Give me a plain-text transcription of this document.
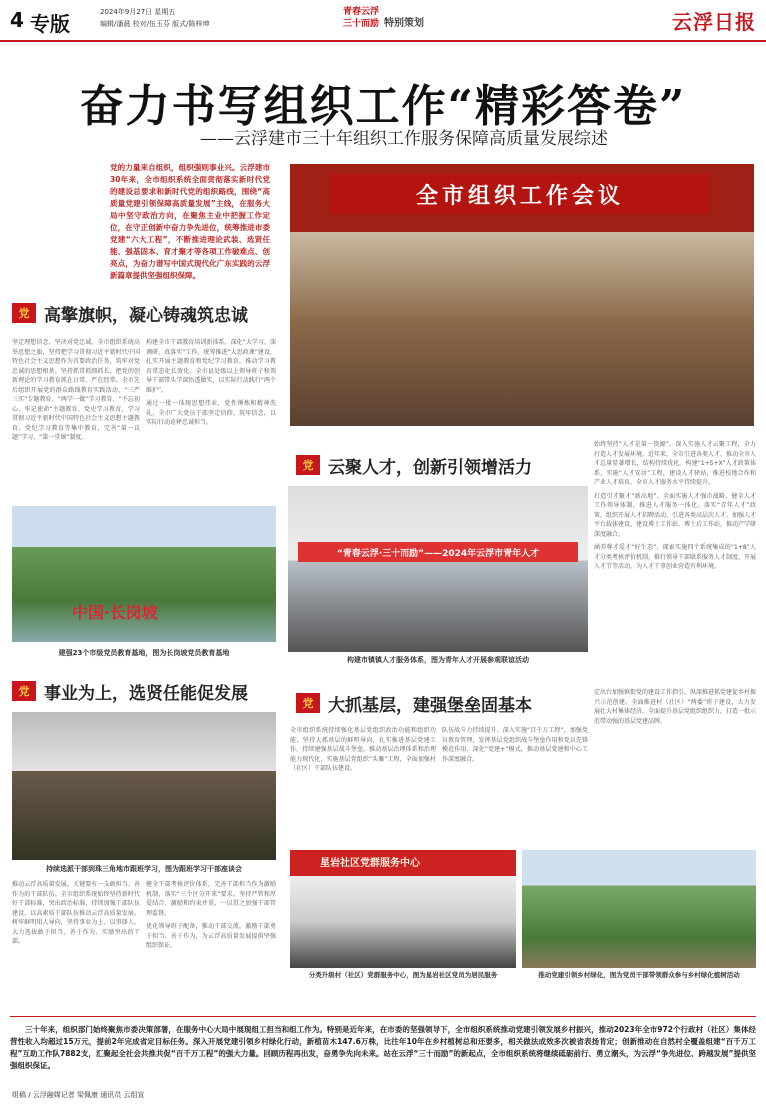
4 专版	2024年9月27日 星期五
编辑/潘晨 校对/伍玉芬 版式/陈梓坤
青春云浮
三十而励 特别策划	云浮日报
奋力书写组织工作“精彩答卷”
——云浮建市三十年组织工作服务保障高质量发展综述
党的力量来自组织，组织强则事业兴。云浮建市30年来，全市组织系统全面贯彻落实新时代党的建设总要求和新时代党的组织路线，围绕“高质量党建引领保障高质量发展”主线，在服务大局中坚守政治方向，在聚焦主业中把握工作定位，在守正创新中奋力争先进位，统筹推进市委党建“六大工程”，不断推进理论武装、选贤任能、强基固本、育才聚才等各项工作破难点、创亮点，为奋力谱写中国式现代化广东实践的云浮新篇章提供坚强组织保障。
全市组织工作会议
党 高擎旗帜，凝心铸魂筑忠诚
坚定理想信念，坚决对党忠诚。全市组织系统高举思想之旗，坚持把学习贯彻习近平新时代中国特色社会主义思想作为首要政治任务，筑牢对党忠诚的思想根基。坚持抓常抓细抓长，把党的创新理论的学习教育抓在日常、严在经常。全市先后组织开展党的群众路线教育实践活动、“三严三实”专题教育、“两学一做”学习教育、“不忘初心、牢记使命”主题教育、党史学习教育、学习贯彻习近平新时代中国特色社会主义思想主题教育，党纪学习教育等集中教育，完善“第一议题”学习、“第一堂课”制度。
构建全市干部教育培训新体系。深化“大学习、深调研、真落实”工作，统筹推进“大思政课”建设，扎实开展主题教育和党纪学习教育，推动学习教育常态化长效化。全市县处级以上领导班子和领导干部带头学深悟透做实，以实际行动践行“两个维护”。
通过一批一体现思想伟业，党性锤炼和精神洗礼，全市广大党员干部坚定信仰、筑牢信念，以实际行动诠释忠诚担当。
中国·长岗坡
建强23个市级党员教育基地，图为长岗坡党员教育基地
党 云聚人才，创新引领增活力
“青春云浮·三十而励”——2024年云浮市青年人才
构建市镇镇人才服务体系，图为青年人才开展参观联谊活动
始终坚持“人才是第一资源”。深入实施人才云聚工程，全力打造人才发展环境。近年来，全市引进各类人才，推动全市人才总量显著增长，结构持续优化。构建“1+5+X”人才政策体系，实施“人才安居”工程，建设人才驿站，推进校地合作和产业人才培育，全市人才服务水平持续提升。
打造引才聚才“新高地”。全面实施人才强市战略，健全人才工作领导体制，推进人才服务一体化。落实“青年人才”政策，组织开展人才招聘活动，引进各类高层次人才。加强人才平台载体建设，建设博士工作站、博士后工作站，推动产学研深度融合。
涵养尊才爱才“好生态”。探索实施四个系统集成的“1+8”人才分类考核评价机制，推行领导干部联系服务人才制度，开展人才节等活动，为人才干事创业营造有利环境。
党 事业为上，选贤任能促发展
持续选派干部到珠三角地市跟班学习，图为跟班学习干部座谈会
推动云浮高质量发展，关键要有一支敢担当、善作为的干部队伍。全市组织系统始终坚持新时代好干部标准，突出政治标准，持续加强干部队伍建设，以高素质干部队伍推动云浮高质量发展。树牢鲜明用人导向，坚持事业为上、以事择人，大力选拔敢于担当、善于作为、实绩突出的干部。
健全干部考核评价体系，完善干部担当作为激励机制，落实“三个区分开来”要求。坚持严管和厚爱结合、激励和约束并重，一以贯之加强干部管理监督。
优化领导班子配备，推动干部交流，激励干部勇于担当、善于作为，为云浮高质量发展提供坚强组织保证。
党 大抓基层，建强堡垒固基本
全市组织系统持续强化基层党组织政治功能和组织功能，坚持大抓基层的鲜明导向，扎实推进基层党建工作，持续建强基层战斗堡垒。推动基层治理体系和治理能力现代化，实施基层党组织“头雁”工程，全面加强村（社区）干部队伍建设。
队伍战斗力持续提升。深入实施“百千万工程”，加强党员教育管理，发挥基层党组织战斗堡垒作用和党员先锋模范作用。深化“党建+”模式，推动基层党建和中心工作深度融合。
定出台加强镇街党的建设工作指引，纵深推进抓党建促乡村振兴示范创建。全面推进村（社区）“两委”班子建设，大力发展壮大村集体经济，全面提升基层党组织组织力，打造一批示范带动强的基层党建品牌。
星岩社区党群服务中心
分类升级村（社区）党群服务中心，图为星岩社区党员为居民服务	推动党建引领乡村绿化，图为党员干部带领群众参与乡村绿化植树活动
三十年来，组织部门始终聚焦市委决策部署，在服务中心大局中展现组工担当和组工作为。特别是近年来，在市委的坚强领导下，全市组织系统推动党建引领发展乡村振兴，推动2023年全市972个行政村（社区）集体经营性收入均超过15万元，提前2年完成省定目标任务。深入开展党建引领乡村绿化行动，新植苗木147.6万株，比往年10年在乡村植树总和还要多，相关做法成效多次被省表扬肯定；创新推动在自然村全覆盖组建“百千万工程”互助工作队7882支，汇聚起全社会共推共促“百千万工程”的强大力量。回顾历程再出发，奋勇争先向未来。站在云浮“三十而励”的新起点，全市组织系统将继续砥砺前行、勇立潮头，为云浮“争先进位、跨越发展”提供坚强组织保证。
组稿 / 云浮融媒记者 梁佩康 通讯员 云组宣
